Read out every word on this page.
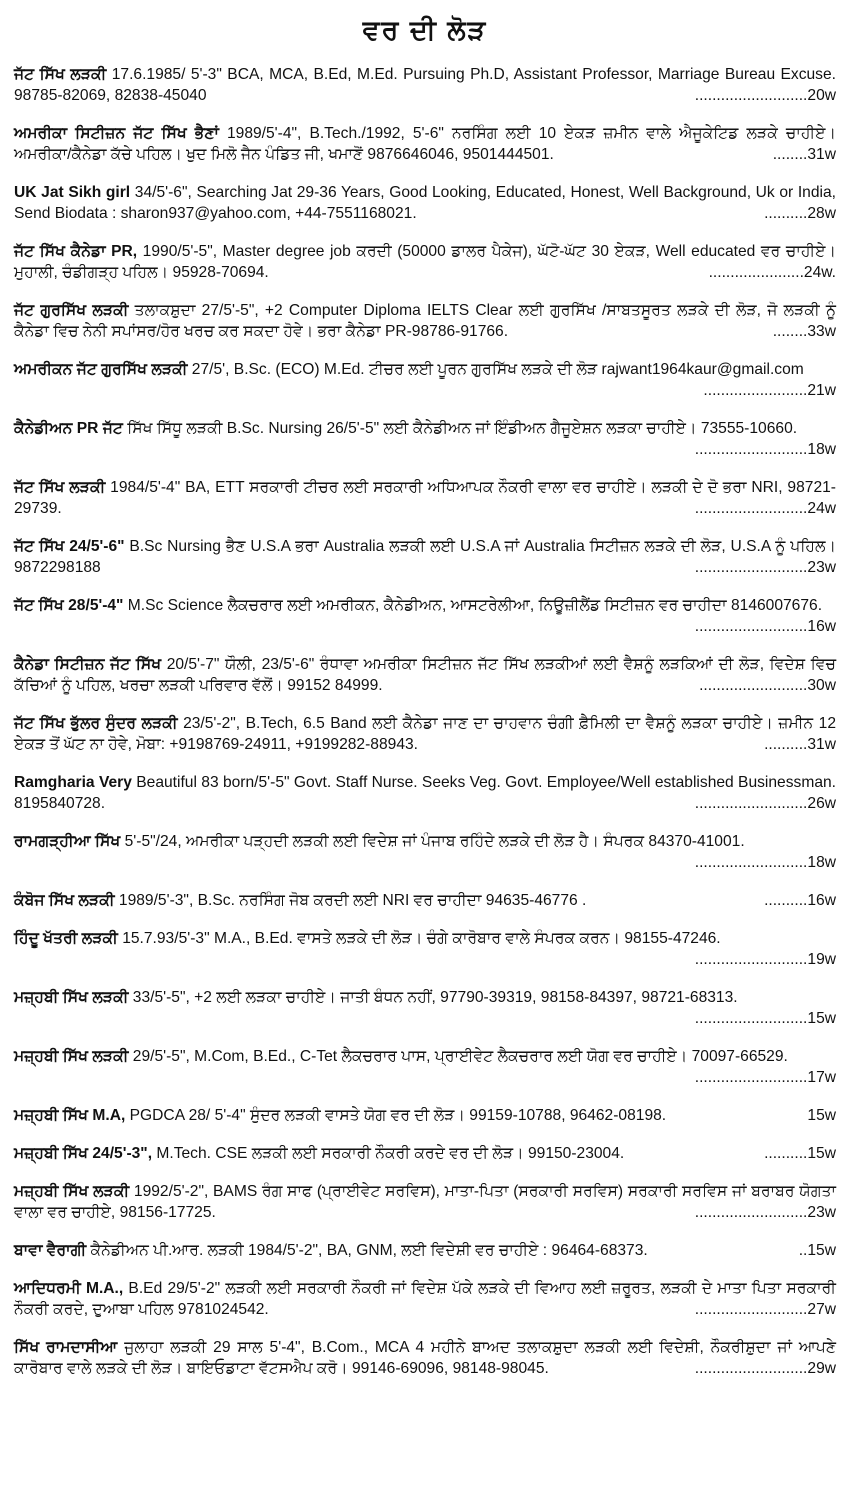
ਵਰ ਦੀ ਲੋੜ
ਜੱਟ ਸਿੱਖ ਲੜਕੀ 17.6.1985/ 5'-3" BCA, MCA, B.Ed, M.Ed. Pursuing Ph.D, Assistant Professor, Marriage Bureau Excuse. 98785-82069, 82838-45040	..........................20w
ਅਮਰੀਕਾ ਸਿਟੀਜ਼ਨ ਜੱਟ ਸਿੱਖ ਭੈਣਾਂ 1989/5'-4", B.Tech./1992, 5'-6" ਨਰਸਿੰਗ ਲਈ 10 ਏਕੜ ਜ਼ਮੀਨ ਵਾਲੇ ਐਜੂਕੇਟਿਡ ਲੜਕੇ ਚਾਹੀਏ। ਅਮਰੀਕਾ/ਕੈਨੇਡਾ ਕੱਚੇ ਪਹਿਲ। ਖੁਦ ਮਿਲੋ ਜੈਨ ਪੰਡਿਤ ਜੀ, ਖਮਾਣੋਂ 9876646046, 9501444501.	........31w
UK Jat Sikh girl 34/5'-6", Searching Jat 29-36 Years, Good Looking, Educated, Honest, Well Background, Uk or India, Send Biodata : sharon937@yahoo.com, +44-7551168021.	..........28w
ਜੱਟ ਸਿੱਖ ਕੈਨੇਡਾ PR, 1990/5'-5", Master degree job ਕਰਦੀ (50000 ਡਾਲਰ ਪੈਕੇਜ), ਘੱਟੋ-ਘੱਟ 30 ਏਕੜ, Well educated ਵਰ ਚਾਹੀਏ। ਮੁਹਾਲੀ, ਚੰਡੀਗੜ੍ਹ ਪਹਿਲ। 95928-70694.	......................24w.
ਜੱਟ ਗੁਰਸਿੱਖ ਲੜਕੀ ਤਲਾਕਸ਼ੁਦਾ 27/5'-5", +2 Computer Diploma IELTS Clear ਲਈ ਗੁਰਸਿੱਖ /ਸਾਬਤਸੂਰਤ ਲੜਕੇ ਦੀ ਲੋੜ, ਜੋ ਲੜਕੀ ਨੂੰ ਕੈਨੇਡਾ ਵਿਚ ਨੇਨੀ ਸਪਾਂਸਰ/ਹੋਰ ਖਰਚ ਕਰ ਸਕਦਾ ਹੋਵੇ। ਭਰਾ ਕੈਨੇਡਾ PR-98786-91766.	........33w
ਅਮਰੀਕਨ ਜੱਟ ਗੁਰਸਿੱਖ ਲੜਕੀ 27/5', B.Sc. (ECO) M.Ed. ਟੀਚਰ ਲਈ ਪੂਰਨ ਗੁਰਸਿੱਖ ਲੜਕੇ ਦੀ ਲੋੜ rajwant1964kaur@gmail.com
........................21w
ਕੈਨੇਡੀਅਨ PR ਜੱਟ ਸਿੱਖ ਸਿੱਧੂ ਲੜਕੀ B.Sc. Nursing 26/5'-5" ਲਈ ਕੈਨੇਡੀਅਨ ਜਾਂ ਇੰਡੀਅਨ ਗੈਜੂਏਸ਼ਨ ਲੜਕਾ ਚਾਹੀਏ। 73555-10660.
..........................18w
ਜੱਟ ਸਿੱਖ ਲੜਕੀ 1984/5'-4" BA, ETT ਸਰਕਾਰੀ ਟੀਚਰ ਲਈ ਸਰਕਾਰੀ ਅਧਿਆਪਕ ਨੌਕਰੀ ਵਾਲਾ ਵਰ ਚਾਹੀਏ। ਲੜਕੀ ਦੇ ਦੋ ਭਰਾ NRI, 98721-29739.	..........................24w
ਜੱਟ ਸਿੱਖ 24/5'-6" B.Sc Nursing ਭੈਣ U.S.A ਭਰਾ Australia ਲੜਕੀ ਲਈ U.S.A ਜਾਂ Australia ਸਿਟੀਜ਼ਨ ਲੜਕੇ ਦੀ ਲੋੜ, U.S.A ਨੂੰ ਪਹਿਲ। 9872298188	..........................23w
ਜੱਟ ਸਿੱਖ 28/5'-4" M.Sc Science ਲੈਕਚਰਾਰ ਲਈ ਅਮਰੀਕਨ, ਕੈਨੇਡੀਅਨ, ਆਸਟਰੇਲੀਆ, ਨਿਊਜ਼ੀਲੈਂਡ ਸਿਟੀਜ਼ਨ ਵਰ ਚਾਹੀਦਾ 8146007676.
..........................16w
ਕੈਨੇਡਾ ਸਿਟੀਜ਼ਨ ਜੱਟ ਸਿੱਖ 20/5'-7" ਯੌਲੀ, 23/5'-6" ਰੰਧਾਵਾ ਅਮਰੀਕਾ ਸਿਟੀਜ਼ਨ ਜੱਟ ਸਿੱਖ ਲੜਕੀਆਂ ਲਈ ਵੈਸ਼ਨੂੰ ਲੜਕਿਆਂ ਦੀ ਲੋੜ, ਵਿਦੇਸ਼ ਵਿਚ ਕੱਚਿਆਂ ਨੂੰ ਪਹਿਲ, ਖਰਚਾ ਲੜਕੀ ਪਰਿਵਾਰ ਵੱਲੋਂ। 99152 84999.	.........................30w
ਜੱਟ ਸਿੱਖ ਭੁੱਲਰ ਸੁੰਦਰ ਲੜਕੀ 23/5'-2", B.Tech, 6.5 Band ਲਈ ਕੈਨੇਡਾ ਜਾਣ ਦਾ ਚਾਹਵਾਨ ਚੰਗੀ ਫ਼ੈਮਿਲੀ ਦਾ ਵੈਸ਼ਨੂੰ ਲੜਕਾ ਚਾਹੀਏ। ਜ਼ਮੀਨ 12 ਏਕੜ ਤੋਂ ਘੱਟ ਨਾ ਹੋਵੇ, ਮੋਬਾ: +9198769-24911, +9199282-88943.	..........31w
Ramgharia Very Beautiful 83 born/5'-5" Govt. Staff Nurse. Seeks Veg. Govt. Employee/Well established Businessman. 8195840728.	..........................26w
ਰਾਮਗੜ੍ਹੀਆ ਸਿੱਖ 5'-5"/24, ਅਮਰੀਕਾ ਪੜ੍ਹਦੀ ਲੜਕੀ ਲਈ ਵਿਦੇਸ਼ ਜਾਂ ਪੰਜਾਬ ਰਹਿੰਦੇ ਲੜਕੇ ਦੀ ਲੋੜ ਹੈ। ਸੰਪਰਕ 84370-41001.
..........................18w
ਕੰਬੋਜ ਸਿੱਖ ਲੜਕੀ 1989/5'-3", B.Sc. ਨਰਸਿੰਗ ਜੋਬ ਕਰਦੀ ਲਈ NRI ਵਰ ਚਾਹੀਦਾ 94635-46776 .	..........16w
ਹਿੰਦੂ ਖੱਤਰੀ ਲੜਕੀ 15.7.93/5'-3" M.A., B.Ed. ਵਾਸਤੇ ਲੜਕੇ ਦੀ ਲੋੜ। ਚੰਗੇ ਕਾਰੋਬਾਰ ਵਾਲੇ ਸੰਪਰਕ ਕਰਨ। 98155-47246.
..........................19w
ਮਜ਼੍ਹਬੀ ਸਿੱਖ ਲੜਕੀ 33/5'-5", +2 ਲਈ ਲੜਕਾ ਚਾਹੀਏ। ਜਾਤੀ ਬੰਧਨ ਨਹੀਂ, 97790-39319, 98158-84397, 98721-68313.
..........................15w
ਮਜ਼੍ਹਬੀ ਸਿੱਖ ਲੜਕੀ 29/5'-5", M.Com, B.Ed., C-Tet ਲੈਕਚਰਾਰ ਪਾਸ, ਪ੍ਰਾਈਵੇਟ ਲੈਕਚਰਾਰ ਲਈ ਯੋਗ ਵਰ ਚਾਹੀਏ। 70097-66529.
..........................17w
ਮਜ਼੍ਹਬੀ ਸਿੱਖ M.A, PGDCA 28/ 5'-4" ਸੁੰਦਰ ਲੜਕੀ ਵਾਸਤੇ ਯੋਗ ਵਰ ਦੀ ਲੋੜ। 99159-10788, 96462-08198.	15w
ਮਜ਼੍ਹਬੀ ਸਿੱਖ 24/5'-3", M.Tech. CSE ਲੜਕੀ ਲਈ ਸਰਕਾਰੀ ਨੌਕਰੀ ਕਰਦੇ ਵਰ ਦੀ ਲੋੜ। 99150-23004.	..........15w
ਮਜ਼੍ਹਬੀ ਸਿੱਖ ਲੜਕੀ 1992/5'-2", BAMS ਰੰਗ ਸਾਫ (ਪ੍ਰਾਈਵੇਟ ਸਰਵਿਸ), ਮਾਤਾ-ਪਿਤਾ (ਸਰਕਾਰੀ ਸਰਵਿਸ) ਸਰਕਾਰੀ ਸਰਵਿਸ ਜਾਂ ਬਰਾਬਰ ਯੋਗਤਾ ਵਾਲਾ ਵਰ ਚਾਹੀਏ, 98156-17725.	..........................23w
ਬਾਵਾ ਵੈਰਾਗੀ ਕੈਨੇਡੀਅਨ ਪੀ.ਆਰ. ਲੜਕੀ 1984/5'-2", BA, GNM, ਲਈ ਵਿਦੇਸ਼ੀ ਵਰ ਚਾਹੀਏ : 96464-68373.	..15w
ਆਦਿਧਰਮੀ M.A., B.Ed 29/5'-2" ਲੜਕੀ ਲਈ ਸਰਕਾਰੀ ਨੌਕਰੀ ਜਾਂ ਵਿਦੇਸ਼ ਪੱਕੇ ਲੜਕੇ ਦੀ ਵਿਆਹ ਲਈ ਜ਼ਰੂਰਤ, ਲੜਕੀ ਦੇ ਮਾਤਾ ਪਿਤਾ ਸਰਕਾਰੀ ਨੌਕਰੀ ਕਰਦੇ, ਦੁਆਬਾ ਪਹਿਲ 9781024542.	..........................27w
ਸਿੱਖ ਰਾਮਦਾਸੀਆ ਜੁਲਾਹਾ ਲੜਕੀ 29 ਸਾਲ 5'-4", B.Com., MCA 4 ਮਹੀਨੇ ਬਾਅਦ ਤਲਾਕਸ਼ੁਦਾ ਲੜਕੀ ਲਈ ਵਿਦੇਸ਼ੀ, ਨੌਕਰੀਸ਼ੁਦਾ ਜਾਂ ਆਪਣੇ ਕਾਰੋਬਾਰ ਵਾਲੇ ਲੜਕੇ ਦੀ ਲੋੜ। ਬਾਇਓਡਾਟਾ ਵੱਟਸਐਪ ਕਰੋ। 99146-69096, 98148-98045.	..........................29w
